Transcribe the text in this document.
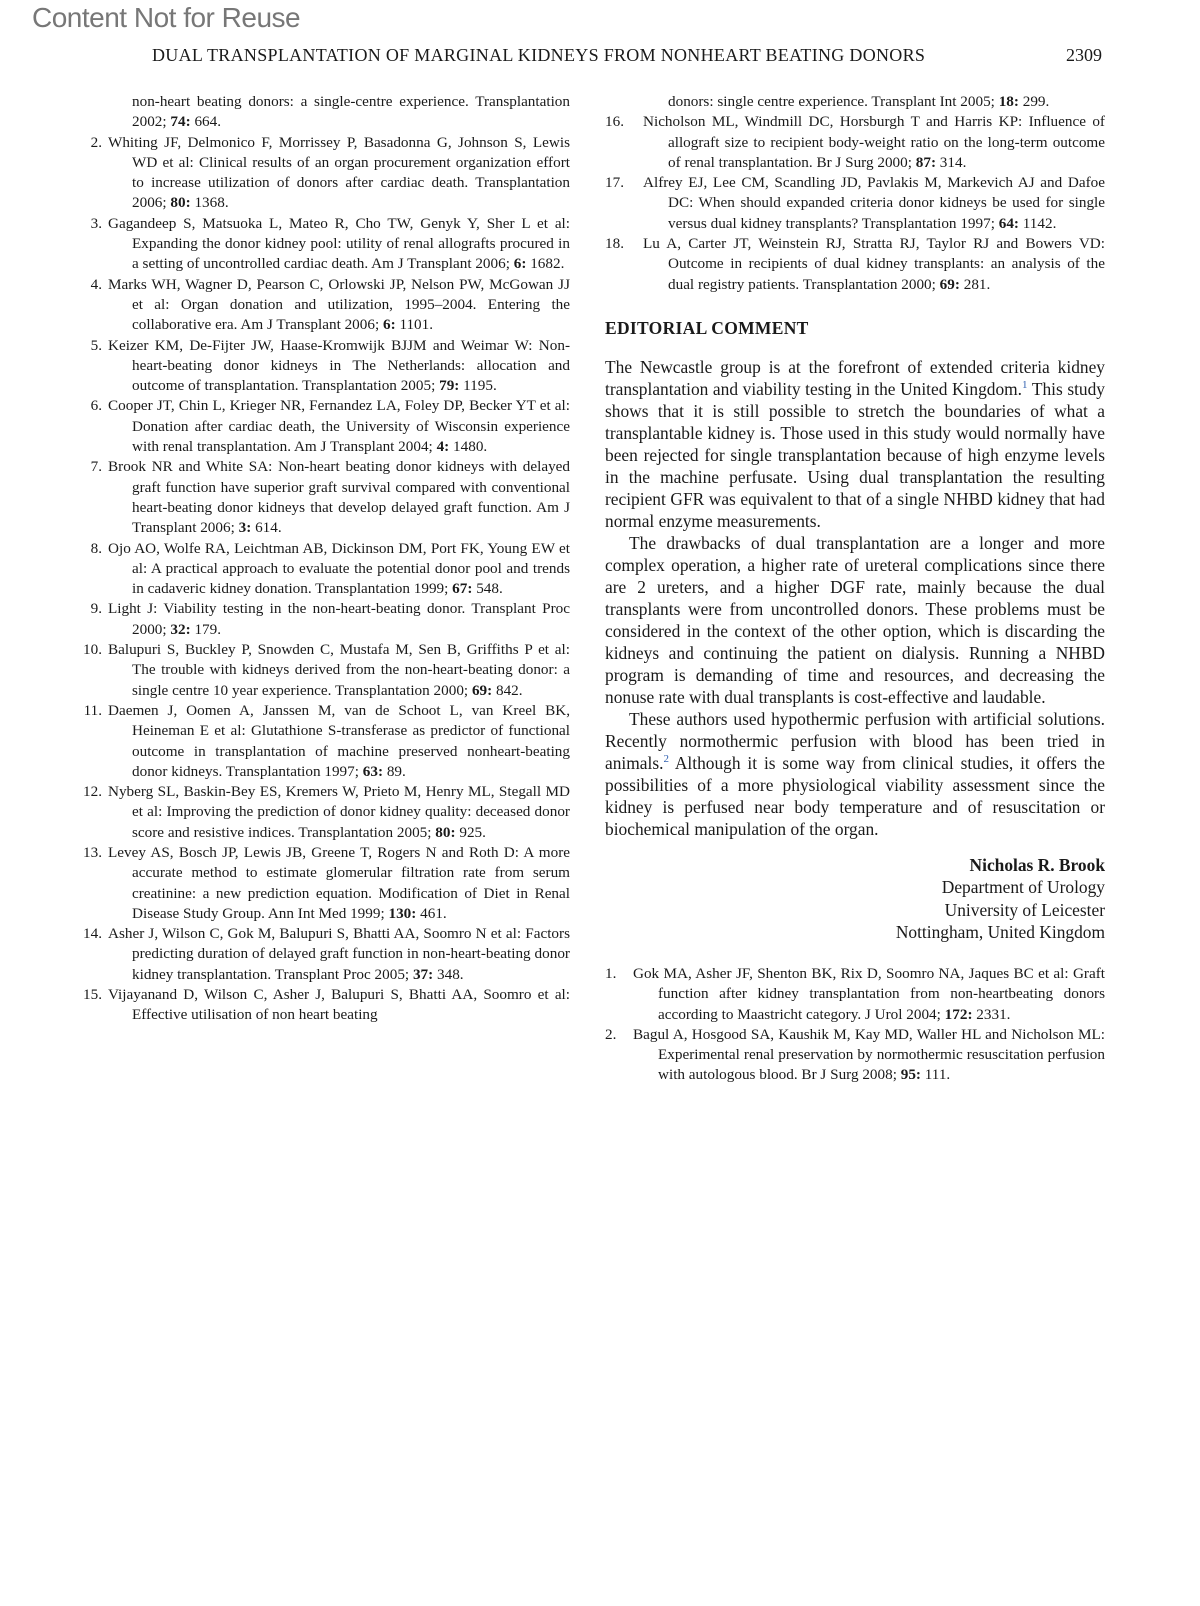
Content Not for Reuse
DUAL TRANSPLANTATION OF MARGINAL KIDNEYS FROM NONHEART BEATING DONORS	2309
non-heart beating donors: a single-centre experience. Transplantation 2002; 74: 664.
2. Whiting JF, Delmonico F, Morrissey P, Basadonna G, Johnson S, Lewis WD et al: Clinical results of an organ procurement organization effort to increase utilization of donors after cardiac death. Transplantation 2006; 80: 1368.
3. Gagandeep S, Matsuoka L, Mateo R, Cho TW, Genyk Y, Sher L et al: Expanding the donor kidney pool: utility of renal allografts procured in a setting of uncontrolled cardiac death. Am J Transplant 2006; 6: 1682.
4. Marks WH, Wagner D, Pearson C, Orlowski JP, Nelson PW, McGowan JJ et al: Organ donation and utilization, 1995–2004. Entering the collaborative era. Am J Transplant 2006; 6: 1101.
5. Keizer KM, De-Fijter JW, Haase-Kromwijk BJJM and Weimar W: Non-heart-beating donor kidneys in The Netherlands: allocation and outcome of transplantation. Transplantation 2005; 79: 1195.
6. Cooper JT, Chin L, Krieger NR, Fernandez LA, Foley DP, Becker YT et al: Donation after cardiac death, the University of Wisconsin experience with renal transplantation. Am J Transplant 2004; 4: 1480.
7. Brook NR and White SA: Non-heart beating donor kidneys with delayed graft function have superior graft survival compared with conventional heart-beating donor kidneys that develop delayed graft function. Am J Transplant 2006; 3: 614.
8. Ojo AO, Wolfe RA, Leichtman AB, Dickinson DM, Port FK, Young EW et al: A practical approach to evaluate the potential donor pool and trends in cadaveric kidney donation. Transplantation 1999; 67: 548.
9. Light J: Viability testing in the non-heart-beating donor. Transplant Proc 2000; 32: 179.
10. Balupuri S, Buckley P, Snowden C, Mustafa M, Sen B, Griffiths P et al: The trouble with kidneys derived from the non-heart-beating donor: a single centre 10 year experience. Transplantation 2000; 69: 842.
11. Daemen J, Oomen A, Janssen M, van de Schoot L, van Kreel BK, Heineman E et al: Glutathione S-transferase as predictor of functional outcome in transplantation of machine preserved nonheart-beating donor kidneys. Transplantation 1997; 63: 89.
12. Nyberg SL, Baskin-Bey ES, Kremers W, Prieto M, Henry ML, Stegall MD et al: Improving the prediction of donor kidney quality: deceased donor score and resistive indices. Transplantation 2005; 80: 925.
13. Levey AS, Bosch JP, Lewis JB, Greene T, Rogers N and Roth D: A more accurate method to estimate glomerular filtration rate from serum creatinine: a new prediction equation. Modification of Diet in Renal Disease Study Group. Ann Int Med 1999; 130: 461.
14. Asher J, Wilson C, Gok M, Balupuri S, Bhatti AA, Soomro N et al: Factors predicting duration of delayed graft function in non-heart-beating donor kidney transplantation. Transplant Proc 2005; 37: 348.
15. Vijayanand D, Wilson C, Asher J, Balupuri S, Bhatti AA, Soomro et al: Effective utilisation of non heart beating
donors: single centre experience. Transplant Int 2005; 18: 299.
16. Nicholson ML, Windmill DC, Horsburgh T and Harris KP: Influence of allograft size to recipient body-weight ratio on the long-term outcome of renal transplantation. Br J Surg 2000; 87: 314.
17. Alfrey EJ, Lee CM, Scandling JD, Pavlakis M, Markevich AJ and Dafoe DC: When should expanded criteria donor kidneys be used for single versus dual kidney transplants? Transplantation 1997; 64: 1142.
18. Lu A, Carter JT, Weinstein RJ, Stratta RJ, Taylor RJ and Bowers VD: Outcome in recipients of dual kidney transplants: an analysis of the dual registry patients. Transplantation 2000; 69: 281.
EDITORIAL COMMENT

The Newcastle group is at the forefront of extended criteria kidney transplantation and viability testing in the United Kingdom.$^1$ This study shows that it is still possible to stretch the boundaries of what a transplantable kidney is. Those used in this study would normally have been rejected for single transplantation because of high enzyme levels in the machine perfusate. Using dual transplantation the resulting recipient GFR was equivalent to that of a single NHBD kidney that had normal enzyme measurements.

The drawbacks of dual transplantation are a longer and more complex operation, a higher rate of ureteral complications since there are 2 ureters, and a higher DGF rate, mainly because the dual transplants were from uncontrolled donors. These problems must be considered in the context of the other option, which is discarding the kidneys and continuing the patient on dialysis. Running a NHBD program is demanding of time and resources, and decreasing the nonuse rate with dual transplants is cost-effective and laudable.

These authors used hypothermic perfusion with artificial solutions. Recently normothermic perfusion with blood has been tried in animals.$^2$ Although it is some way from clinical studies, it offers the possibilities of a more physiological viability assessment since the kidney is perfused near body temperature and of resuscitation or biochemical manipulation of the organ.

Nicholas R. Brook
Department of Urology
University of Leicester
Nottingham, United Kingdom
1. Gok MA, Asher JF, Shenton BK, Rix D, Soomro NA, Jaques BC et al: Graft function after kidney transplantation from non-heartbeating donors according to Maastricht category. J Urol 2004; 172: 2331.
2. Bagul A, Hosgood SA, Kaushik M, Kay MD, Waller HL and Nicholson ML: Experimental renal preservation by normothermic resuscitation perfusion with autologous blood. Br J Surg 2008; 95: 111.
